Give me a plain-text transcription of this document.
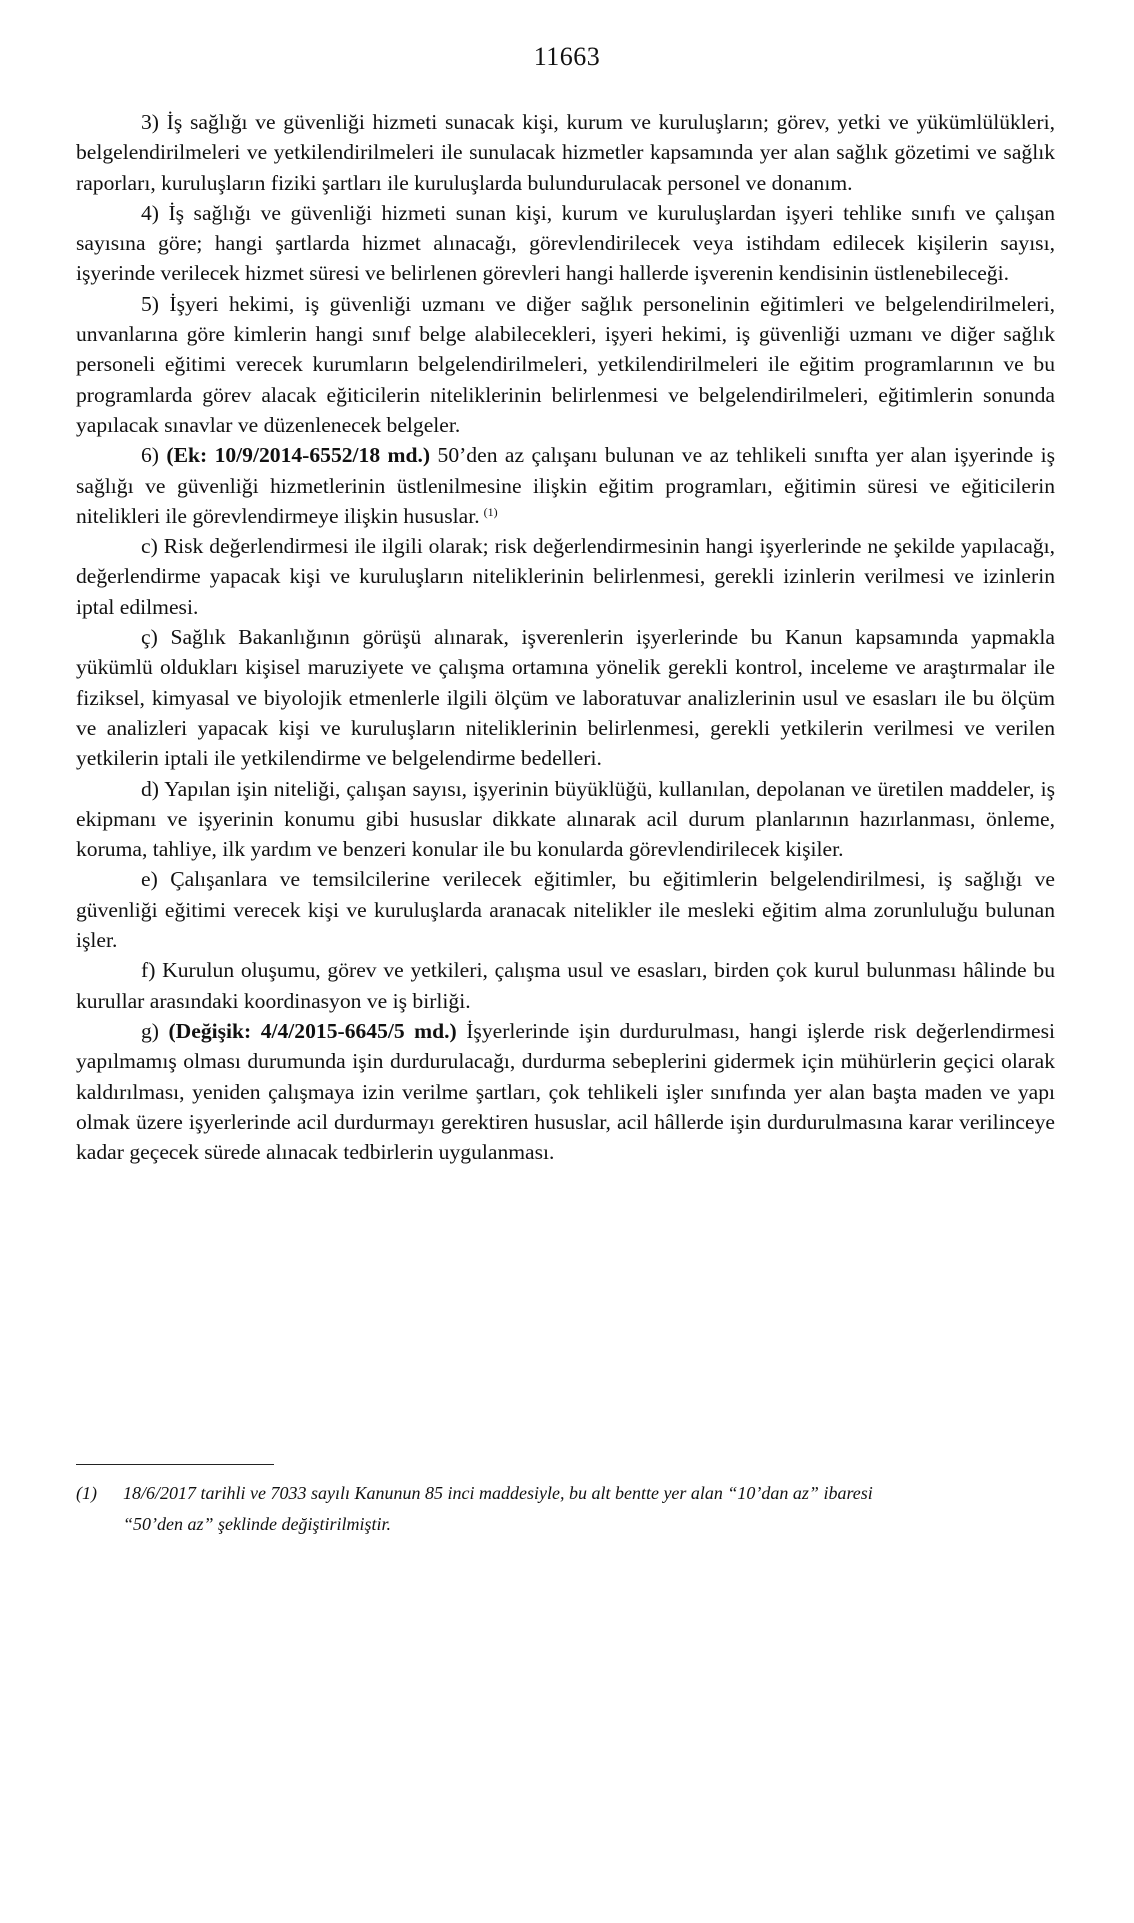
11663

3) İş sağlığı ve güvenliği hizmeti sunacak kişi, kurum ve kuruluşların; görev, yetki ve yükümlülükleri, belgelendirilmeleri ve yetkilendirilmeleri ile sunulacak hizmetler kapsamında yer alan sağlık gözetimi ve sağlık raporları, kuruluşların fiziki şartları ile kuruluşlarda bulundurulacak personel ve donanım.

4) İş sağlığı ve güvenliği hizmeti sunan kişi, kurum ve kuruluşlardan işyeri tehlike sınıfı ve çalışan sayısına göre; hangi şartlarda hizmet alınacağı, görevlendirilecek veya istihdam edilecek kişilerin sayısı, işyerinde verilecek hizmet süresi ve belirlenen görevleri hangi hallerde işverenin kendisinin üstlenebileceği.

5) İşyeri hekimi, iş güvenliği uzmanı ve diğer sağlık personelinin eğitimleri ve belgelendirilmeleri, unvanlarına göre kimlerin hangi sınıf belge alabilecekleri, işyeri hekimi, iş güvenliği uzmanı ve diğer sağlık personeli eğitimi verecek kurumların belgelendirilmeleri, yetkilendirilmeleri ile eğitim programlarının ve bu programlarda görev alacak eğiticilerin niteliklerinin belirlenmesi ve belgelendirilmeleri, eğitimlerin sonunda yapılacak sınavlar ve düzenlenecek belgeler.

6) (Ek: 10/9/2014-6552/18 md.) 50’den az çalışanı bulunan ve az tehlikeli sınıfta yer alan işyerinde iş sağlığı ve güvenliği hizmetlerinin üstlenilmesine ilişkin eğitim programları, eğitimin süresi ve eğiticilerin nitelikleri ile görevlendirmeye ilişkin hususlar. $^{(1)}$

c) Risk değerlendirmesi ile ilgili olarak; risk değerlendirmesinin hangi işyerlerinde ne şekilde yapılacağı, değerlendirme yapacak kişi ve kuruluşların niteliklerinin belirlenmesi, gerekli izinlerin verilmesi ve izinlerin iptal edilmesi.

ç) Sağlık Bakanlığının görüşü alınarak, işverenlerin işyerlerinde bu Kanun kapsamında yapmakla yükümlü oldukları kişisel maruziyete ve çalışma ortamına yönelik gerekli kontrol, inceleme ve araştırmalar ile fiziksel, kimyasal ve biyolojik etmenlerle ilgili ölçüm ve laboratuvar analizlerinin usul ve esasları ile bu ölçüm ve analizleri yapacak kişi ve kuruluşların niteliklerinin belirlenmesi, gerekli yetkilerin verilmesi ve verilen yetkilerin iptali ile yetkilendirme ve belgelendirme bedelleri.

d) Yapılan işin niteliği, çalışan sayısı, işyerinin büyüklüğü, kullanılan, depolanan ve üretilen maddeler, iş ekipmanı ve işyerinin konumu gibi hususlar dikkate alınarak acil durum planlarının hazırlanması, önleme, koruma, tahliye, ilk yardım ve benzeri konular ile bu konularda görevlendirilecek kişiler.

e) Çalışanlara ve temsilcilerine verilecek eğitimler, bu eğitimlerin belgelendirilmesi, iş sağlığı ve güvenliği eğitimi verecek kişi ve kuruluşlarda aranacak nitelikler ile mesleki eğitim alma zorunluluğu bulunan işler.

f) Kurulun oluşumu, görev ve yetkileri, çalışma usul ve esasları, birden çok kurul bulunması hâlinde bu kurullar arasındaki koordinasyon ve iş birliği.

g) (Değişik: 4/4/2015-6645/5 md.) İşyerlerinde işin durdurulması, hangi işlerde risk değerlendirmesi yapılmamış olması durumunda işin durdurulacağı, durdurma sebeplerini gidermek için mühürlerin geçici olarak kaldırılması, yeniden çalışmaya izin verilme şartları, çok tehlikeli işler sınıfında yer alan başta maden ve yapı olmak üzere işyerlerinde acil durdurmayı gerektiren hususlar, acil hâllerde işin durdurulmasına karar verilinceye kadar geçecek sürede alınacak tedbirlerin uygulanması.

(1) 18/6/2017 tarihli ve 7033 sayılı Kanunun 85 inci maddesiyle, bu alt bentte yer alan “10’dan az” ibaresi
“50’den az” şeklinde değiştirilmiştir.
